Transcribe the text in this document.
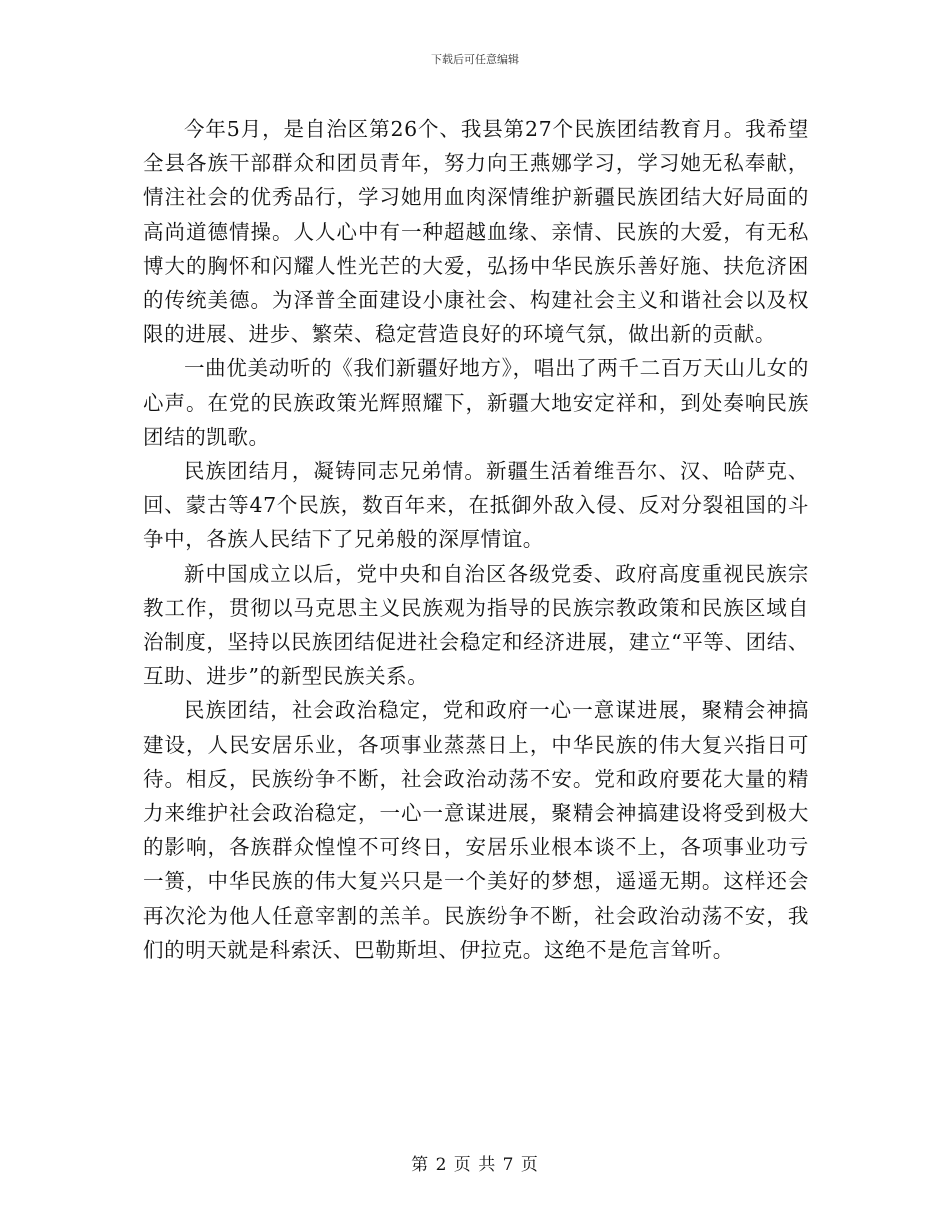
下载后可任意编辑

今年5月，是自治区第26个、我县第27个民族团结教育月。我希望全县各族干部群众和团员青年，努力向王燕娜学习，学习她无私奉献，情注社会的优秀品行，学习她用血肉深情维护新疆民族团结大好局面的高尚道德情操。人人心中有一种超越血缘、亲情、民族的大爱，有无私博大的胸怀和闪耀人性光芒的大爱，弘扬中华民族乐善好施、扶危济困的传统美德。为泽普全面建设小康社会、构建社会主义和谐社会以及权限的进展、进步、繁荣、稳定营造良好的环境气氛，做出新的贡献。

一曲优美动听的《我们新疆好地方》，唱出了两千二百万天山儿女的心声。在党的民族政策光辉照耀下，新疆大地安定祥和，到处奏响民族团结的凯歌。

民族团结月，凝铸同志兄弟情。新疆生活着维吾尔、汉、哈萨克、回、蒙古等47个民族，数百年来，在抵御外敌入侵、反对分裂祖国的斗争中，各族人民结下了兄弟般的深厚情谊。

新中国成立以后，党中央和自治区各级党委、政府高度重视民族宗教工作，贯彻以马克思主义民族观为指导的民族宗教政策和民族区域自治制度，坚持以民族团结促进社会稳定和经济进展，建立“平等、团结、互助、进步”的新型民族关系。

民族团结，社会政治稳定，党和政府一心一意谋进展，聚精会神搞建设，人民安居乐业，各项事业蒸蒸日上，中华民族的伟大复兴指日可待。相反，民族纷争不断，社会政治动荡不安。党和政府要花大量的精力来维护社会政治稳定，一心一意谋进展，聚精会神搞建设将受到极大的影响，各族群众惶惶不可终日，安居乐业根本谈不上，各项事业功亏一篑，中华民族的伟大复兴只是一个美好的梦想，遥遥无期。这样还会再次沦为他人任意宰割的羔羊。民族纷争不断，社会政治动荡不安，我们的明天就是科索沃、巴勒斯坦、伊拉克。这绝不是危言耸听。

第 2 页 共 7 页
